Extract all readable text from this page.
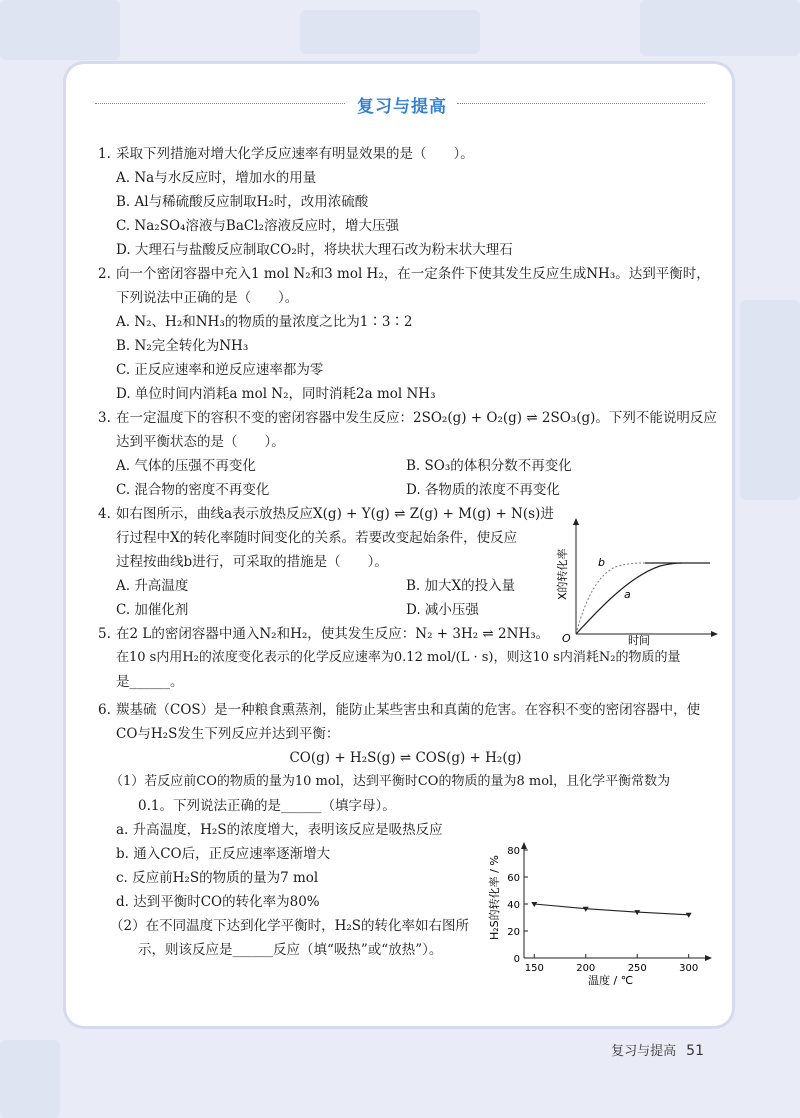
复习与提高
1. 采取下列措施对增大化学反应速率有明显效果的是（　　）。
A. Na与水反应时，增加水的用量
B. Al与稀硫酸反应制取H₂时，改用浓硫酸
C. Na₂SO₄溶液与BaCl₂溶液反应时，增大压强
D. 大理石与盐酸反应制取CO₂时，将块状大理石改为粉末状大理石
2. 向一个密闭容器中充入1 mol N₂和3 mol H₂，在一定条件下使其发生反应生成NH₃。达到平衡时，
下列说法中正确的是（　　）。
A. N₂、H₂和NH₃的物质的量浓度之比为1∶3∶2
B. N₂完全转化为NH₃
C. 正反应速率和逆反应速率都为零
D. 单位时间内消耗a mol N₂，同时消耗2a mol NH₃
3. 在一定温度下的容积不变的密闭容器中发生反应：2SO₂(g) + O₂(g) ⇌ 2SO₃(g)。下列不能说明反应
达到平衡状态的是（　　）。
A. 气体的压强不再变化	B. SO₃的体积分数不再变化
C. 混合物的密度不再变化	D. 各物质的浓度不再变化
4. 如右图所示，曲线a表示放热反应X(g) + Y(g) ⇌ Z(g) + M(g) + N(s)进
行过程中X的转化率随时间变化的关系。若要改变起始条件，使反应
过程按曲线b进行，可采取的措施是（　　）。
A. 升高温度	B. 加大X的投入量
C. 加催化剂	D. 减小压强
5. 在2 L的密闭容器中通入N₂和H₂，使其发生反应：N₂ + 3H₂ ⇌ 2NH₃。
在10 s内用H₂的浓度变化表示的化学反应速率为0.12 mol/(L · s)，则这10 s内消耗N₂的物质的量
是______。
6. 羰基硫（COS）是一种粮食熏蒸剂，能防止某些害虫和真菌的危害。在容积不变的密闭容器中，使
CO与H₂S发生下列反应并达到平衡：
CO(g) + H₂S(g) ⇌ COS(g) + H₂(g)
（1）若反应前CO的物质的量为10 mol，达到平衡时CO的物质的量为8 mol，且化学平衡常数为
0.1。下列说法正确的是______（填字母）。
a. 升高温度，H₂S的浓度增大，表明该反应是吸热反应
b. 通入CO后，正反应速率逐渐增大
c. 反应前H₂S的物质的量为7 mol
d. 达到平衡时CO的转化率为80%
（2）在不同温度下达到化学平衡时，H₂S的转化率如右图所
示，则该反应是______反应（填“吸热”或“放热”）。
b
a
O	时间
X的转化率
0
20
40
60
80
150	200	250	300
温度 / ℃
H₂S的转化率 / %
复习与提高 51
